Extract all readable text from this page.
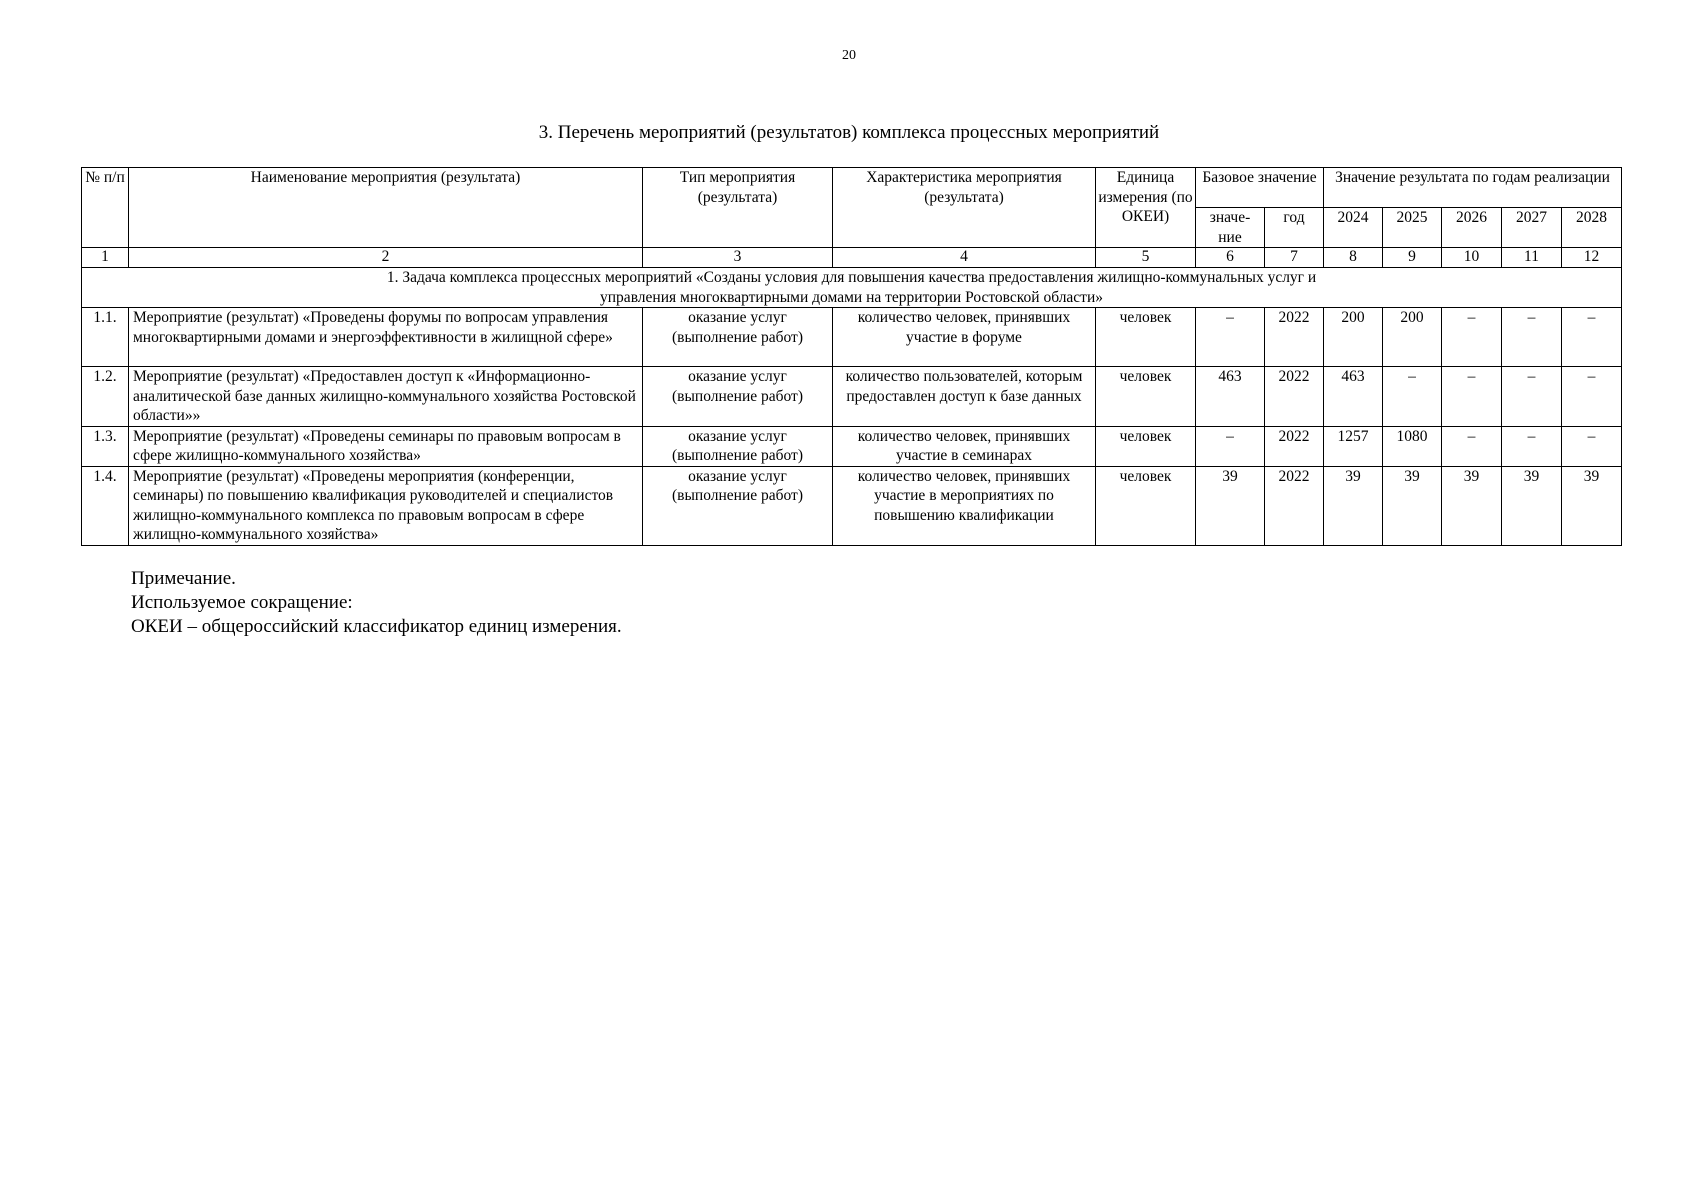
20
3. Перечень мероприятий (результатов) комплекса процессных мероприятий
№ п/п	Наименование мероприятия (результата)	Тип мероприятия (результата)	Характеристика мероприятия (результата)	Единица измерения (по ОКЕИ)	Базовое значение		Значение результата по годам реализации				
					значе- ние	год	2024	2025	2026	2027	2028
1	2	3	4	5	6	7	8	9	10	11	12
1. Задача комплекса процессных мероприятий «Созданы условия для повышения качества предоставления жилищно-коммунальных услуг и управления многоквартирными домами на территории Ростовской области»											
1.1.	Мероприятие (результат) «Проведены форумы по вопросам управления многоквартирными домами и энергоэффективности в жилищной сфере»	оказание услуг (выполнение работ)	количество человек, принявших участие в форуме	человек	–	2022	200	200	–	–	–
1.2.	Мероприятие (результат) «Предоставлен доступ к «Информационно-аналитической базе данных жилищно-коммунального хозяйства Ростовской области»»	оказание услуг (выполнение работ)	количество пользователей, которым предоставлен доступ к базе данных	человек	463	2022	463	–	–	–	–
1.3.	Мероприятие (результат) «Проведены семинары по правовым вопросам в сфере жилищно-коммунального хозяйства»	оказание услуг (выполнение работ)	количество человек, принявших участие в семинарах	человек	–	2022	1257	1080	–	–	–
1.4.	Мероприятие (результат) «Проведены мероприятия (конференции, семинары) по повышению квалификация руководителей и специалистов жилищно-коммунального комплекса по правовым вопросам в сфере жилищно-коммунального хозяйства»	оказание услуг (выполнение работ)	количество человек, принявших участие в мероприятиях по повышению квалификации	человек	39	2022	39	39	39	39	39
Примечание.
Используемое сокращение:
ОКЕИ – общероссийский классификатор единиц измерения.
